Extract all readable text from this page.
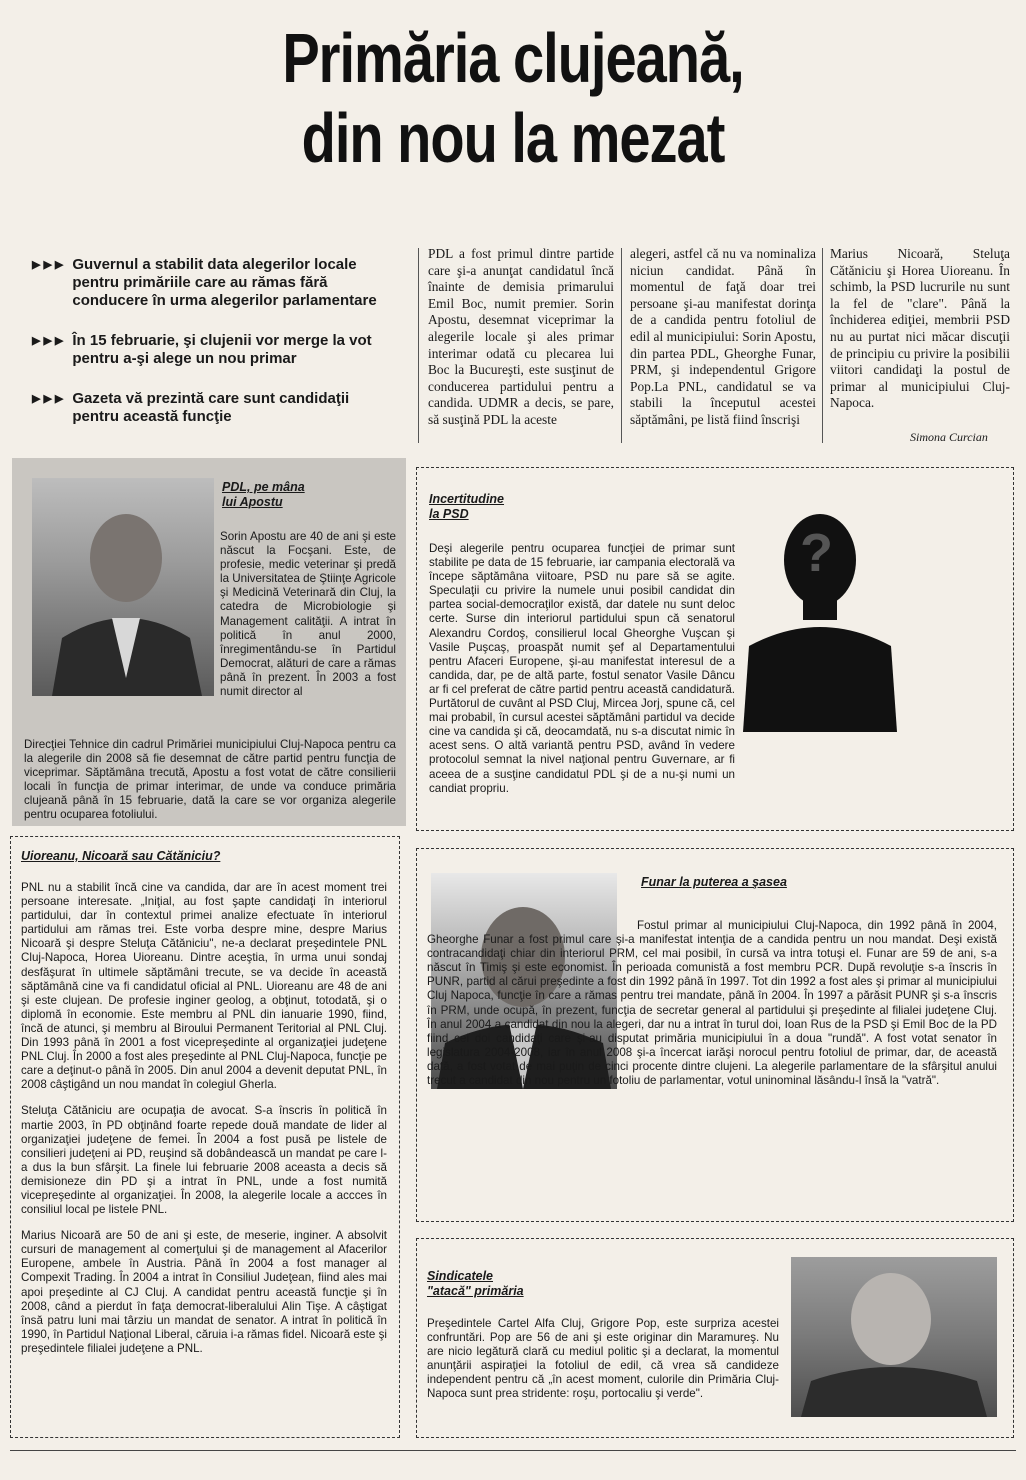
Primăria clujeană,
din nou la mezat
▶▶▶ Guvernul a stabilit data alegerilor locale pentru primăriile care au rămas fără conducere în urma alegerilor parlamentare
▶▶▶ În 15 februarie, şi clujenii vor merge la vot pentru a-şi alege un nou primar
▶▶▶ Gazeta vă prezintă care sunt candidaţii pentru această funcţie
PDL a fost primul dintre partide care şi-a anunţat candidatul încă înainte de demisia primarului Emil Boc, numit premier. Sorin Apostu, desemnat viceprimar la alegerile locale şi ales primar interimar odată cu plecarea lui Boc la Bucureşti, este susţinut de conducerea partidului pentru a candida. UDMR a decis, se pare, să susţină PDL la aceste
alegeri, astfel că nu va nominaliza niciun candidat. Până în momentul de faţă doar trei persoane şi-au manifestat dorinţa de a candida pentru fotoliul de edil al municipiului: Sorin Apostu, din partea PDL, Gheorghe Funar, PRM, şi independentul Grigore Pop.La PNL, candidatul se va stabili la începutul acestei săptămâni, pe listă fiind înscrişi
Marius Nicoară, Steluţa Cătăniciu şi Horea Uioreanu. În schimb, la PSD lucrurile nu sunt la fel de "clare". Până la închiderea ediţiei, membrii PSD nu au purtat nici măcar discuţii de principiu cu privire la posibilii viitori candidaţi la postul de primar al municipiului Cluj-Napoca.
Simona Curcian
PDL, pe mâna
lui Apostu
Sorin Apostu are 40 de ani şi este născut la Focşani. Este, de profesie, medic veterinar şi predă la Universitatea de Ştiinţe Agricole şi Medicină Veterinară din Cluj, la catedra de Microbiologie şi Management calităţii. A intrat în politică în anul 2000, înregimentându-se în Partidul Democrat, alături de care a rămas până în prezent. În 2003 a fost numit director al
Direcţiei Tehnice din cadrul Primăriei municipiului Cluj-Napoca pentru ca la alegerile din 2008 să fie desemnat de către partid pentru funcţia de viceprimar. Săptămâna trecută, Apostu a fost votat de către consilierii locali în funcţia de primar interimar, de unde va conduce primăria clujeană până în 15 februarie, dată la care se vor organiza alegerile pentru ocuparea fotoliului.
Incertitudine
la PSD
?
Deşi alegerile pentru ocuparea funcţiei de primar sunt stabilite pe data de 15 februarie, iar campania electorală va începe săptămâna viitoare, PSD nu pare să se agite. Speculaţii cu privire la numele unui posibil candidat din partea social-democraţilor există, dar datele nu sunt deloc certe. Surse din interiorul partidului spun că senatorul Alexandru Cordoş, consilierul local Gheorghe Vuşcan şi Vasile Puşcaş, proaspăt numit şef al Departamentului pentru Afaceri Europene, şi-au manifestat interesul de a candida, dar, pe de altă parte, fostul senator Vasile Dâncu ar fi cel preferat de către partid pentru această candidatură. Purtătorul de cuvânt al PSD Cluj, Mircea Jorj, spune că, cel mai probabil, în cursul acestei săptămâni partidul va decide cine va candida şi că, deocamdată, nu s-a discutat nimic în acest sens. O altă variantă pentru PSD, având în vedere protocolul semnat la nivel naţional pentru Guvernare, ar fi aceea de a susţine candidatul PDL şi de a nu-şi numi un candiat propriu.
Uioreanu, Nicoară sau Cătăniciu?

PNL nu a stabilit încă cine va candida, dar are în acest moment trei persoane interesate. „Iniţial, au fost şapte candidaţi în interiorul partidului, dar în contextul primei analize efectuate în interiorul partidului am rămas trei. Este vorba despre mine, despre Marius Nicoară şi despre Steluţa Cătăniciu", ne-a declarat preşedintele PNL Cluj-Napoca, Horea Uioreanu. Dintre aceştia, în urma unui sondaj desfăşurat în ultimele săptămâni trecute, se va decide în această săptămână cine va fi candidatul oficial al PNL. Uioreanu are 48 de ani şi este clujean. De profesie inginer geolog, a obţinut, totodată, şi o diplomă în economie. Este membru al PNL din ianuarie 1990, fiind, încă de atunci, şi membru al Biroului Permanent Teritorial al PNL Cluj. Din 1993 până în 2001 a fost vicepreşedinte al organizaţiei judeţene PNL Cluj. În 2000 a fost ales preşedinte al PNL Cluj-Napoca, funcţie pe care a deţinut-o până în 2005. Din anul 2004 a devenit deputat PNL, în 2008 câştigând un nou mandat în colegiul Gherla.

Steluţa Cătăniciu are ocupaţia de avocat. S-a înscris în politică în martie 2003, în PD obţinând foarte repede două mandate de lider al organizaţiei judeţene de femei. În 2004 a fost pusă pe listele de consilieri judeţeni ai PD, reuşind să dobândească un mandat pe care l-a dus la bun sfârşit. La finele lui februarie 2008 aceasta a decis să demisioneze din PD şi a intrat în PNL, unde a fost numită vicepreşedinte al organizaţiei. În 2008, la alegerile locale a accces în consiliul local pe listele PNL.

Marius Nicoară are 50 de ani şi este, de meserie, inginer. A absolvit cursuri de management al comerţului şi de management al Afacerilor Europene, ambele în Austria. Până în 2004 a fost manager al Compexit Trading. În 2004 a intrat în Consiliul Judeţean, fiind ales mai apoi preşedinte al CJ Cluj. A candidat pentru această funcţie şi în 2008, când a pierdut în faţa democrat-liberalului Alin Tişe. A câştigat însă patru luni mai târziu un mandat de senator. A intrat în politică în 1990, în Partidul Naţional Liberal, căruia i-a rămas fidel. Nicoară este şi preşedintele filialei judeţene a PNL.

Funar la puterea a şasea
Fostul primar al municipiului Cluj-Napoca, din 1992 până în 2004, Gheorghe Funar a fost primul care şi-a manifestat intenţia de a candida pentru un nou mandat. Deşi există contracandidaţi chiar din interiorul PRM, cel mai posibil, în cursă va intra totuşi el. Funar are 59 de ani, s-a născut în Timiş şi este economist. În perioada comunistă a fost membru PCR. După revoluţie s-a înscris în PUNR, partid al cărui preşedinte a fost din 1992 până în 1997. Tot din 1992 a fost ales şi primar al municipiului Cluj Napoca, funcţie în care a rămas pentru trei mandate, până în 2004. În 1997 a părăsit PUNR şi s-a înscris în PRM, unde ocupă, în prezent, funcţia de secretar general al partidului şi preşedinte al filialei judeţene Cluj. În anul 2004 a candidat din nou la alegeri, dar nu a intrat în turul doi, Ioan Rus de la PSD şi Emil Boc de la PD fiind cei doi candidaţi care şi-au disputat primăria municipiului în a doua "rundă". A fost votat senator în legislatura 2004-2008, iar în anul 2008 şi-a încercat iarăşi norocul pentru fotoliul de primar, dar, de această dată, a fost votat de mai puţin de cinci procente dintre clujeni. La alegerile parlamentare de la sfârşitul anului trecut a candidat din nou pentru un fotoliu de parlamentar, votul uninominal lăsându-l însă la "vatră".
Sindicatele
"atacă" primăria
Preşedintele Cartel Alfa Cluj, Grigore Pop, este surpriza acestei confruntări. Pop are 56 de ani şi este originar din Maramureş. Nu are nicio legătură clară cu mediul politic şi a declarat, la momentul anunţării aspiraţiei la fotoliul de edil, că vrea să candideze independent pentru că „în acest moment, culorile din Primăria Cluj-Napoca sunt prea stridente: roşu, portocaliu şi verde".
